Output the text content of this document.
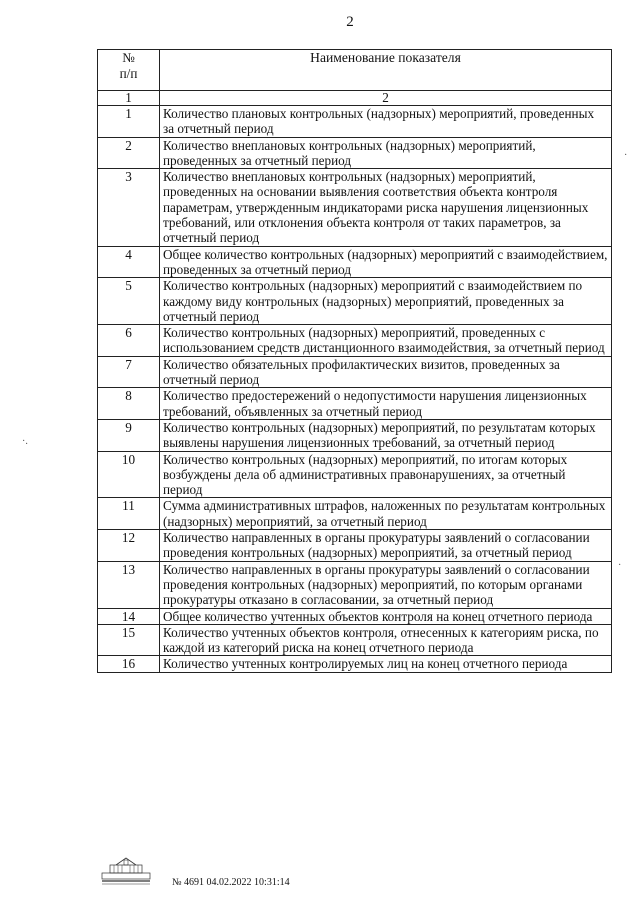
2
№
п/п	Наименование показателя
1	2
1	Количество плановых контрольных (надзорных) мероприятий, проведенных за отчетный период
2	Количество внеплановых контрольных (надзорных) мероприятий, проведенных за отчетный период
3	Количество внеплановых контрольных (надзорных) мероприятий, проведенных на основании выявления соответствия объекта контроля параметрам, утвержденным индикаторами риска нарушения лицензионных требований, или отклонения объекта контроля от таких параметров, за отчетный период
4	Общее количество контрольных (надзорных) мероприятий с взаимодействием, проведенных за отчетный период
5	Количество контрольных (надзорных) мероприятий с взаимодействием по каждому виду контрольных (надзорных) мероприятий, проведенных за отчетный период
6	Количество контрольных (надзорных) мероприятий, проведенных с использованием средств дистанционного взаимодействия, за отчетный период
7	Количество обязательных профилактических визитов, проведенных за отчетный период
8	Количество предостережений о недопустимости нарушения лицензионных требований, объявленных за отчетный период
9	Количество контрольных (надзорных) мероприятий, по результатам которых выявлены нарушения лицензионных требований, за отчетный период
10	Количество контрольных (надзорных) мероприятий, по итогам которых возбуждены дела об административных правонарушениях, за отчетный период
11	Сумма административных штрафов, наложенных по результатам контрольных (надзорных) мероприятий, за отчетный период
12	Количество направленных в органы прокуратуры заявлений о согласовании проведения контрольных (надзорных) мероприятий, за отчетный период
13	Количество направленных в органы прокуратуры заявлений о согласовании проведения контрольных (надзорных) мероприятий, по которым органами прокуратуры отказано в согласовании, за отчетный период
14	Общее количество учтенных объектов контроля на конец отчетного периода
15	Количество учтенных объектов контроля, отнесенных к категориям риска, по каждой из категорий риска на конец отчетного периода
16	Количество учтенных контролируемых лиц на конец отчетного периода
№ 4691 04.02.2022 10:31:14
·
·
·.
